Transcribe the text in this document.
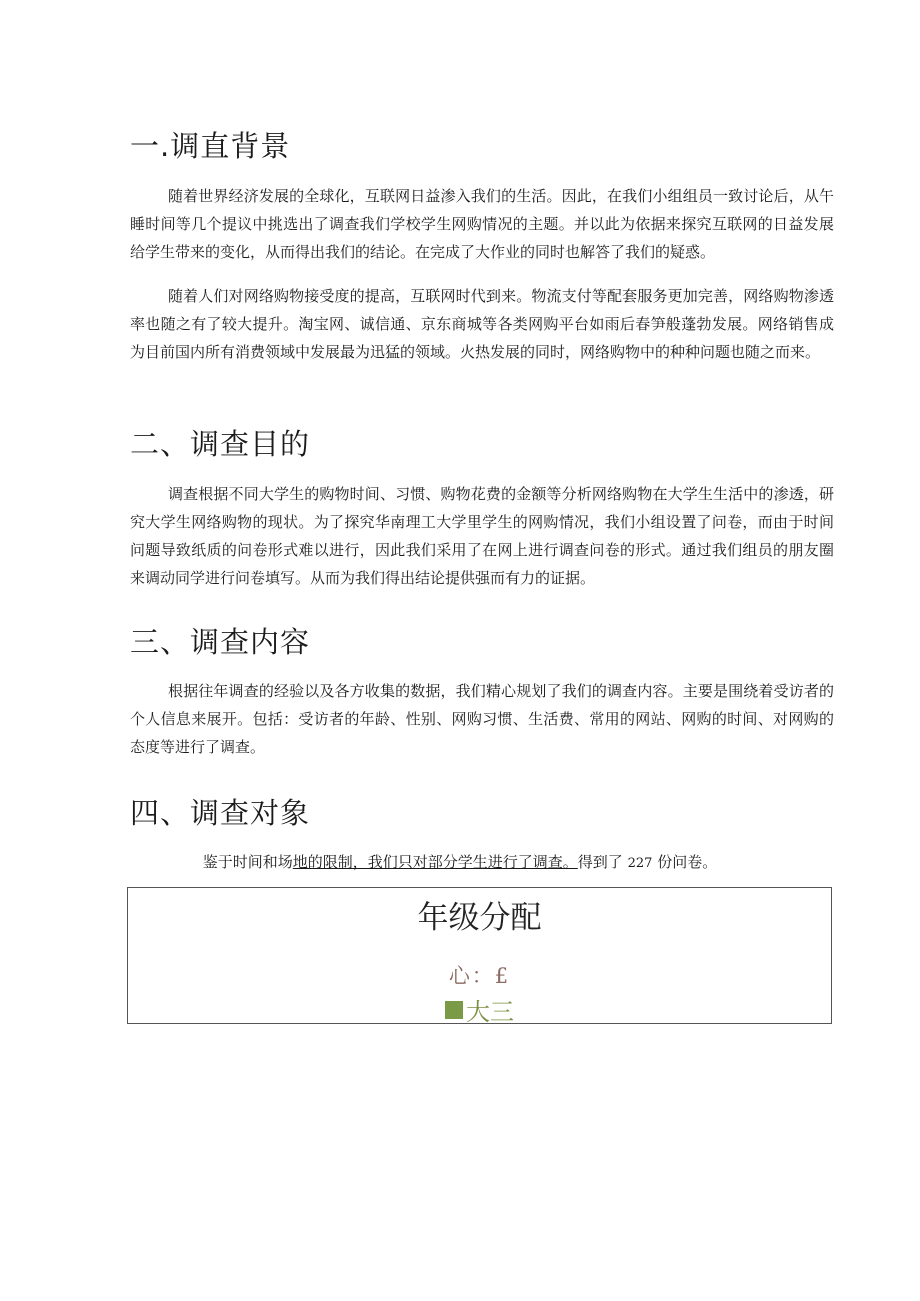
一.调直背景

随着世界经济发展的全球化，互联网日益渗入我们的生活。因此，在我们小组组员一致讨论后，从午睡时间等几个提议中挑选出了调查我们学校学生网购情况的主题。并以此为依据来探究互联网的日益发展给学生带来的变化，从而得出我们的结论。在完成了大作业的同时也解答了我们的疑惑。

随着人们对网络购物接受度的提高，互联网时代到来。物流支付等配套服务更加完善，网络购物渗透率也随之有了较大提升。淘宝网、诚信通、京东商城等各类网购平台如雨后春笋般蓬勃发展。网络销售成为目前国内所有消费领域中发展最为迅猛的领域。火热发展的同时，网络购物中的种种问题也随之而来。

二、调查目的

调查根据不同大学生的购物时间、习惯、购物花费的金额等分析网络购物在大学生生活中的渗透，研究大学生网络购物的现状。为了探究华南理工大学里学生的网购情况，我们小组设置了问卷，而由于时间问题导致纸质的问卷形式难以进行，因此我们采用了在网上进行调查问卷的形式。通过我们组员的朋友圈来调动同学进行问卷填写。从而为我们得出结论提供强而有力的证据。

三、调查内容

根据往年调查的经验以及各方收集的数据，我们精心规划了我们的调查内容。主要是围绕着受访者的个人信息来展开。包括：受访者的年龄、性别、网购习惯、生活费、常用的网站、网购的时间、对网购的态度等进行了调查。

四、调查对象
鉴于时间和场地的限制，我们只对部分学生进行了调查。得到了 227 份问卷。
年级分配
心：£
大三
